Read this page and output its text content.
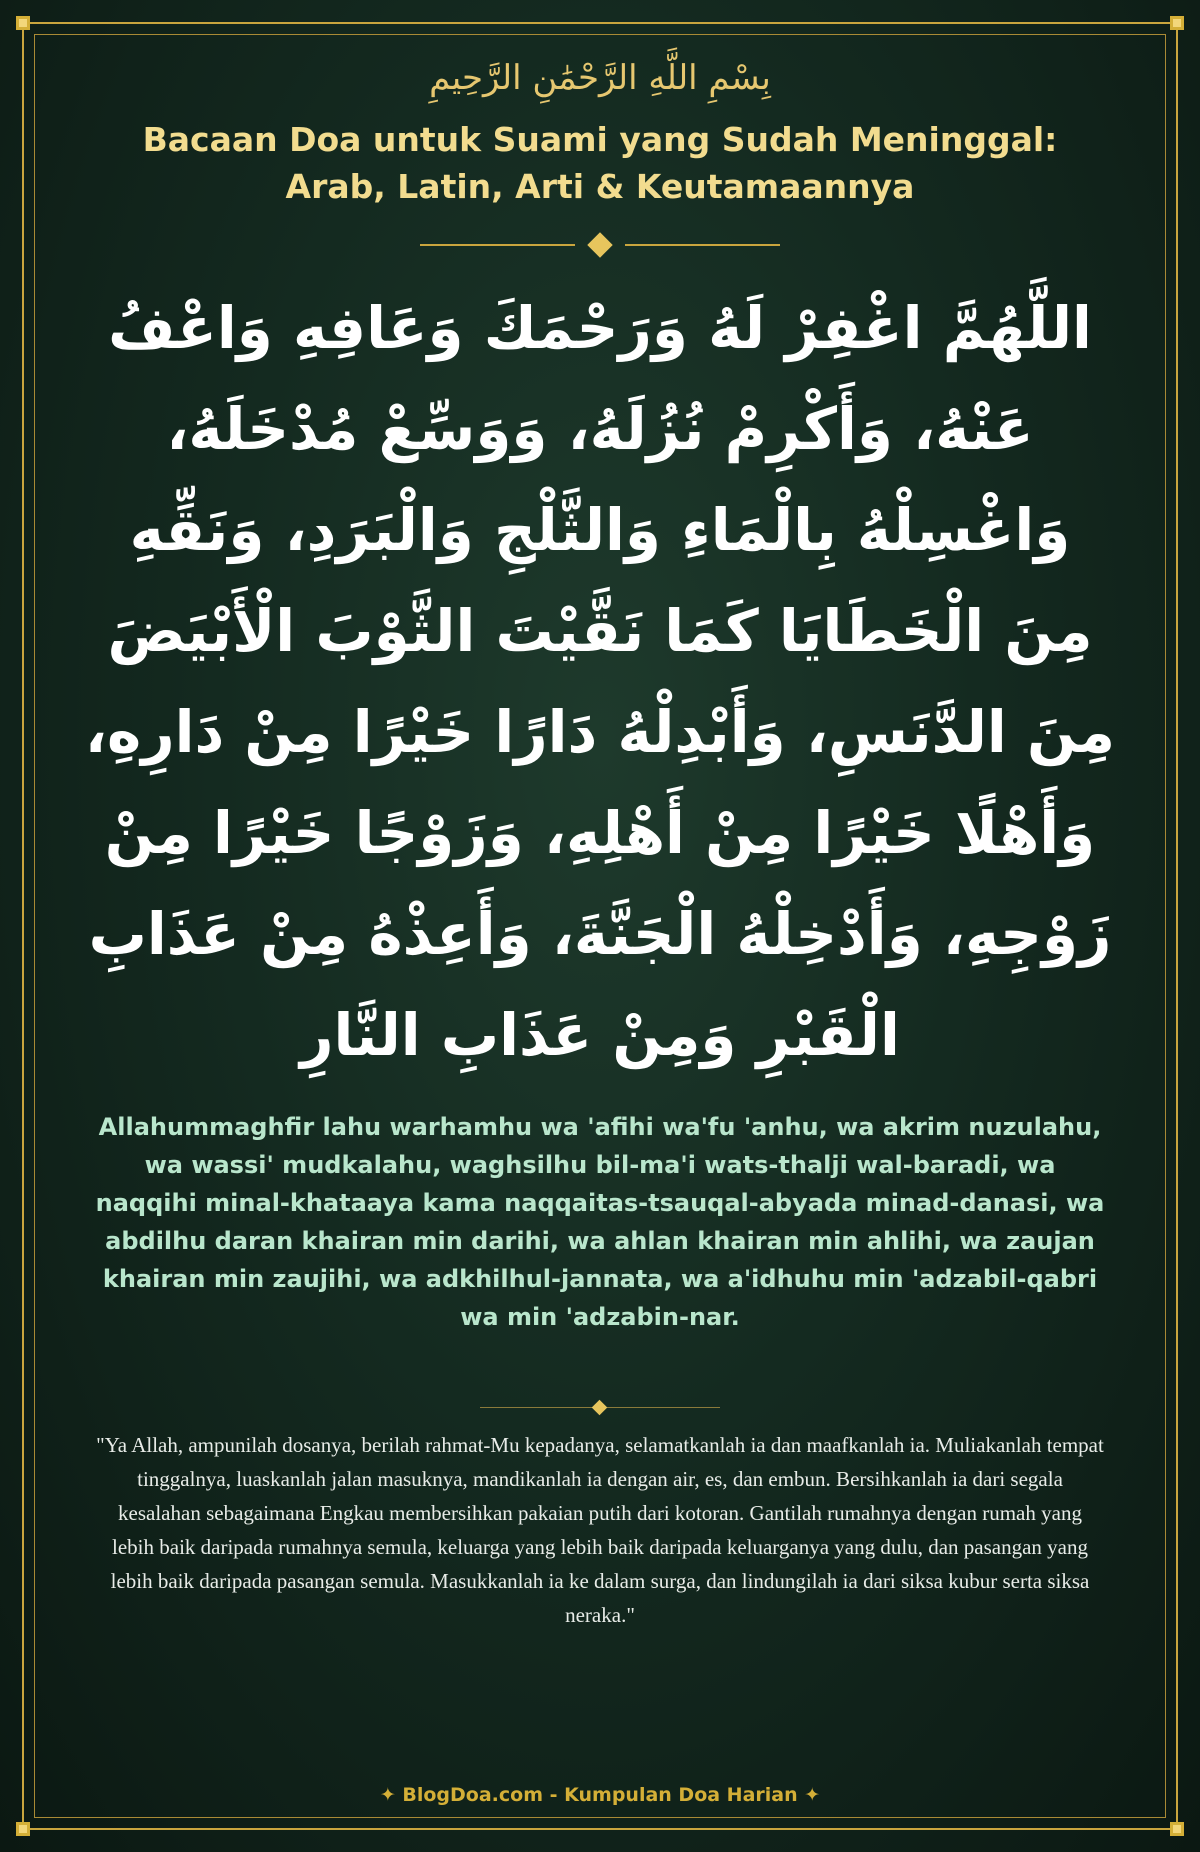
بِسْمِ اللَّهِ الرَّحْمَٰنِ الرَّحِيمِ
Bacaan Doa untuk Suami yang Sudah Meninggal: Arab, Latin, Arti & Keutamaannya
اللَّهُمَّ اغْفِرْ لَهُ وَرَحْمَكَ وَعَافِهِ وَاعْفُ عَنْهُ، وَأَكْرِمْ نُزُلَهُ، وَوَسِّعْ مُدْخَلَهُ، وَاغْسِلْهُ بِالْمَاءِ وَالثَّلْجِ وَالْبَرَدِ، وَنَقِّهِ مِنَ الْخَطَايَا كَمَا نَقَّيْتَ الثَّوْبَ الْأَبْيَضَ مِنَ الدَّنَسِ، وَأَبْدِلْهُ دَارًا خَيْرًا مِنْ دَارِهِ، وَأَهْلًا خَيْرًا مِنْ أَهْلِهِ، وَزَوْجًا خَيْرًا مِنْ زَوْجِهِ، وَأَدْخِلْهُ الْجَنَّةَ، وَأَعِذْهُ مِنْ عَذَابِ الْقَبْرِ وَمِنْ عَذَابِ النَّارِ
Allahummaghfir lahu warhamhu wa 'afihi wa'fu 'anhu, wa akrim nuzulahu, wa wassi' mudkalahu, waghsilhu bil-ma'i wats-thalji wal-baradi, wa naqqihi minal-khataaya kama naqqaitas-tsauqal-abyada minad-danasi, wa abdilhu daran khairan min darihi, wa ahlan khairan min ahlihi, wa zaujan khairan min zaujihi, wa adkhilhul-jannata, wa a'idhuhu min 'adzabil-qabri wa min 'adzabin-nar.
"Ya Allah, ampunilah dosanya, berilah rahmat-Mu kepadanya, selamatkanlah ia dan maafkanlah ia. Muliakanlah tempat tinggalnya, luaskanlah jalan masuknya, mandikanlah ia dengan air, es, dan embun. Bersihkanlah ia dari segala kesalahan sebagaimana Engkau membersihkan pakaian putih dari kotoran. Gantilah rumahnya dengan rumah yang lebih baik daripada rumahnya semula, keluarga yang lebih baik daripada keluarganya yang dulu, dan pasangan yang lebih baik daripada pasangan semula. Masukkanlah ia ke dalam surga, dan lindungilah ia dari siksa kubur serta siksa neraka."
✦ BlogDoa.com - Kumpulan Doa Harian ✦
